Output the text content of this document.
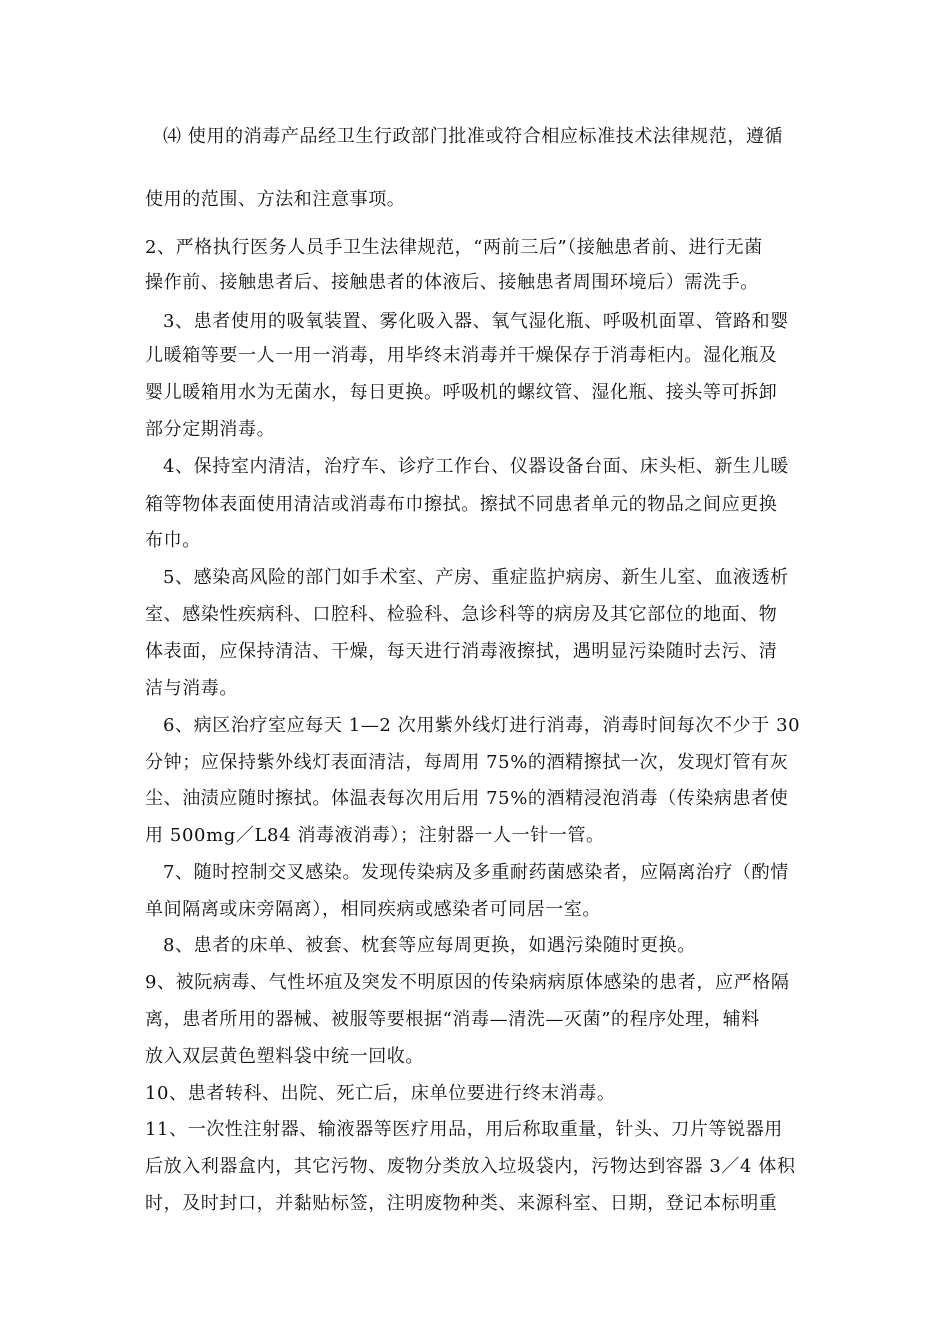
⑷ 使用的消毒产品经卫生行政部门批准或符合相应标准技术法律规范，遵循
使用的范围、方法和注意事项。
2、严格执行医务人员手卫生法律规范，“两前三后”（接触患者前、进行无菌
操作前、接触患者后、接触患者的体液后、接触患者周围环境后）需洗手。
3、患者使用的吸氧装置、雾化吸入器、氧气湿化瓶、呼吸机面罩、管路和婴
儿暖箱等要一人一用一消毒，用毕终末消毒并干燥保存于消毒柜内。湿化瓶及
婴儿暖箱用水为无菌水，每日更换。呼吸机的螺纹管、湿化瓶、接头等可拆卸
部分定期消毒。
4、保持室内清洁，治疗车、诊疗工作台、仪器设备台面、床头柜、新生儿暖
箱等物体表面使用清洁或消毒布巾擦拭。擦拭不同患者单元的物品之间应更换
布巾。
5、感染高风险的部门如手术室、产房、重症监护病房、新生儿室、血液透析
室、感染性疾病科、口腔科、检验科、急诊科等的病房及其它部位的地面、物
体表面，应保持清洁、干燥，每天进行消毒液擦拭，遇明显污染随时去污、清
洁与消毒。
6、病区治疗室应每天 1—2 次用紫外线灯进行消毒，消毒时间每次不少于 30
分钟；应保持紫外线灯表面清洁，每周用 75%的酒精擦拭一次，发现灯管有灰
尘、油渍应随时擦拭。体温表每次用后用 75%的酒精浸泡消毒（传染病患者使
用 500mg／L84 消毒液消毒）；注射器一人一针一管。
7、随时控制交叉感染。发现传染病及多重耐药菌感染者，应隔离治疗（酌情
单间隔离或床旁隔离），相同疾病或感染者可同居一室。
8、患者的床单、被套、枕套等应每周更换，如遇污染随时更换。
9、被阮病毒、气性坏疽及突发不明原因的传染病病原体感染的患者，应严格隔
离，患者所用的器械、被服等要根据“消毒—清洗—灭菌”的程序处理，辅料
放入双层黄色塑料袋中统一回收。
10、患者转科、出院、死亡后，床单位要进行终末消毒。
11、一次性注射器、输液器等医疗用品，用后称取重量，针头、刀片等锐器用
后放入利器盒内，其它污物、废物分类放入垃圾袋内，污物达到容器 3／4 体积
时，及时封口，并黏贴标签，注明废物种类、来源科室、日期，登记本标明重
